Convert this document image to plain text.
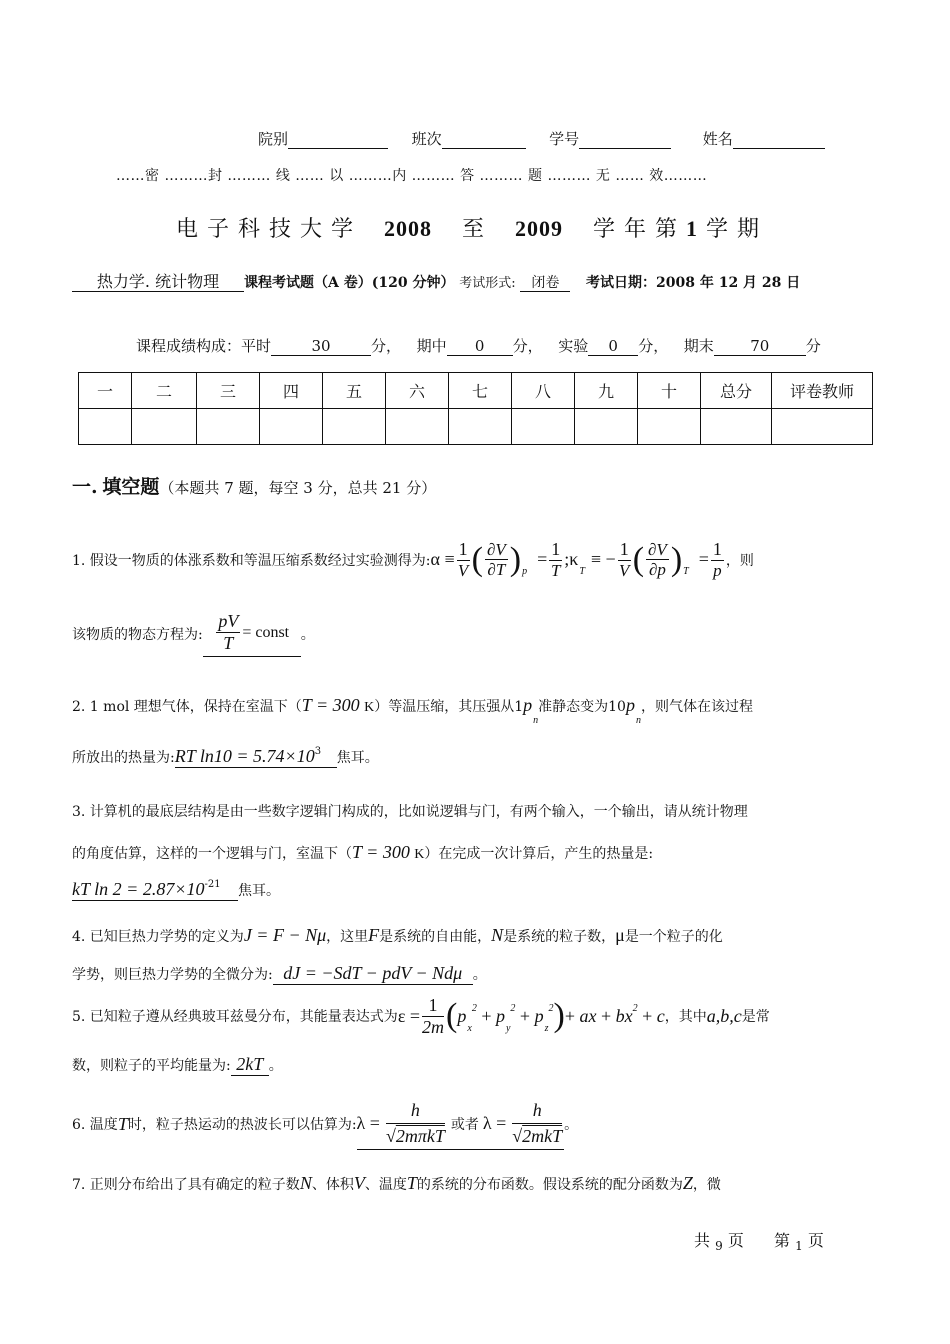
院别	班次	学号	姓名
……密 ………封 ……… 线 …… 以 ………内 ……… 答 ……… 题 ……… 无 …… 效………
电 子 科 技 大 学 2008 至 2009 学 年 第 1 学 期
热力学. 统计物理 课程考试题（A 卷）(120 分钟） 考试形式: 闭卷 考试日期：2008 年 12 月 28 日
课程成绩构成：平时	30	分， 期中 0 分， 实验 0 分， 期末 70 分
一	二	三	四	五	六	七	八	九	十	总分	评卷教师

一. 填空题（本题共 7 题，每空 3 分，总共 21 分）
1. 假设一物质的体涨系数和等温压缩系数经过实验测得为: $\alpha \equiv \frac{1}{V}$ ( $\frac{\partial V}{\partial T}$ ) p
= $\frac{1}{T}$ ;κ
T
≡ − $\frac{1}{V}$ ( $\frac{\partial V}{\partial p}$ ) T
= $\frac{1}{p}$ ，则
该物质的物态方程为: $\frac{pV}{T}$ = const 。
2. 1 mol 理想气体，保持在室温下（T = 300 K）等温压缩，其压强从$1p_n$准静态变为$10p_n$，则气体在该过程
所放出的热量为:RT $\ln 10 = 5.74\times 10^3$ 焦耳。
3. 计算机的最底层结构是由一些数字逻辑门构成的，比如说逻辑与门，有两个输入，一个输出，请从统计物理
的角度估算，这样的一个逻辑与门，室温下（T = 300 K）在完成一次计算后，产生的热量是:
kT $\ln 2 = 2.87\times 10^{-21}$ 焦耳。
4. 已知巨热力学势的定义为J = F − Nμ，这里F是系统的自由能，N是系统的粒子数，μ是一个粒子的化
学势，则巨热力学势的全微分为: dJ = −SdT − pdV − Ndμ 。
5. 已知粒子遵从经典玻耳兹曼分布，其能量表达式为 $\varepsilon = \frac{1}{2m}$ ( p
x
2 + p
y
2 + p
z
2 ) + ax + bx 2 + c ，其中 a,b,c 是常
数，则粒子的平均能量为: 2kT 。
6. 温度 T 时，粒子热运动的热波长可以估算为: $\lambda = \frac{h}{\text{√2mπkT}}$ 或者 $\lambda = \frac{h}{\text{√2mkT}}$ 。
7. 正则分布给出了具有确定的粒子数N、体积V、温度T的系统的分布函数。假设系统的配分函数为Z，微
共 $_9$ 页 第 $_1$ 页
